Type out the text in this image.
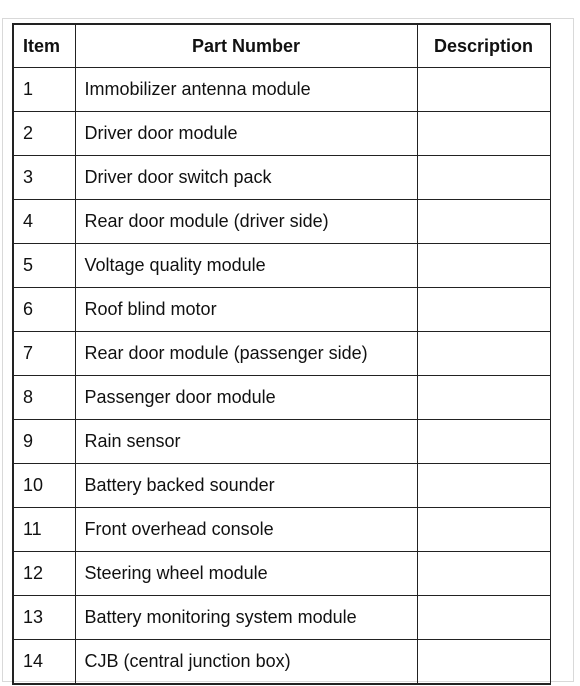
Item	Part Number	Description
1	Immobilizer antenna module	
2	Driver door module	
3	Driver door switch pack	
4	Rear door module (driver side)	
5	Voltage quality module	
6	Roof blind motor	
7	Rear door module (passenger side)	
8	Passenger door module	
9	Rain sensor	
10	Battery backed sounder	
11	Front overhead console	
12	Steering wheel module	
13	Battery monitoring system module	
14	CJB (central junction box)	
